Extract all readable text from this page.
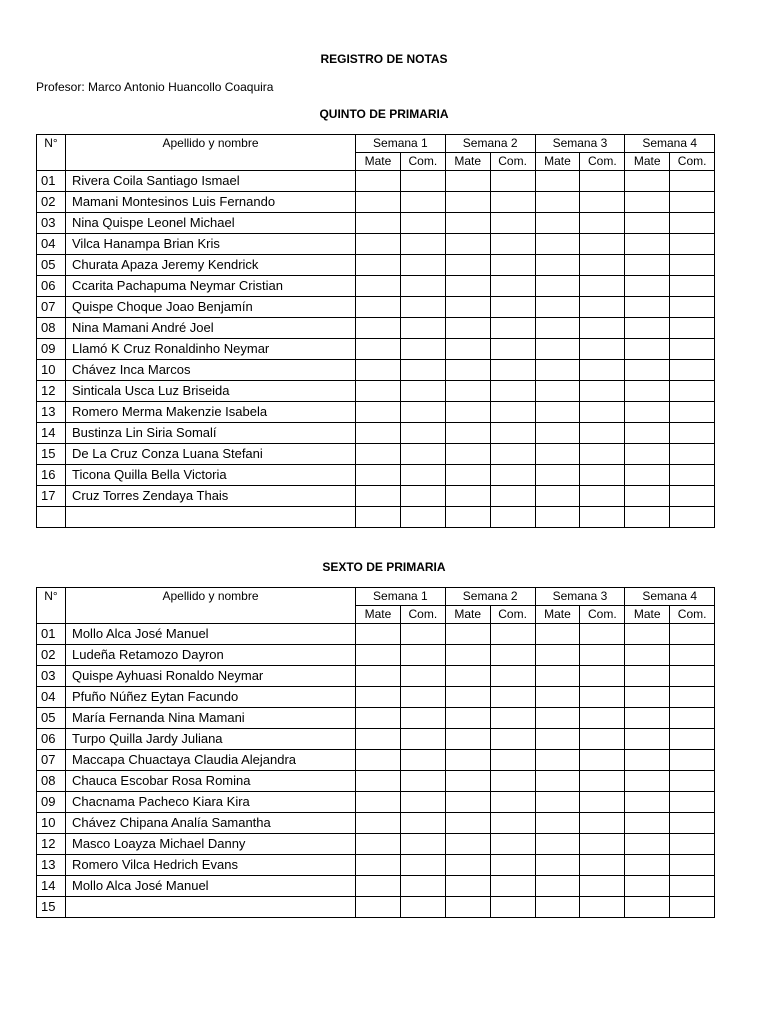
REGISTRO DE NOTAS
Profesor: Marco Antonio Huancollo Coaquira
QUINTO DE PRIMARIA
N°	Apellido y nombre	Semana 1		Semana 2		Semana 3		Semana 4	
		Mate	Com.	Mate	Com.	Mate	Com.	Mate	Com.
01	Rivera Coila Santiago Ismael								
02	Mamani Montesinos Luis Fernando								
03	Nina Quispe Leonel Michael								
04	Vilca Hanampa Brian Kris								
05	Churata Apaza Jeremy Kendrick								
06	Ccarita Pachapuma Neymar Cristian								
07	Quispe Choque Joao Benjamín								
08	Nina Mamani André Joel								
09	Llamó K Cruz Ronaldinho Neymar								
10	Chávez Inca Marcos								
12	Sinticala Usca Luz Briseida								
13	Romero Merma Makenzie Isabela								
14	Bustinza Lin Siria Somalí								
15	De La Cruz Conza Luana Stefani								
16	Ticona Quilla Bella Victoria								
17	Cruz Torres Zendaya Thais								

SEXTO DE PRIMARIA
N°	Apellido y nombre	Semana 1		Semana 2		Semana 3		Semana 4	
		Mate	Com.	Mate	Com.	Mate	Com.	Mate	Com.
01	Mollo Alca José Manuel								
02	Ludeña Retamozo Dayron								
03	Quispe Ayhuasi Ronaldo Neymar								
04	Pfuño Núñez Eytan Facundo								
05	María Fernanda Nina Mamani								
06	Turpo Quilla Jardy Juliana								
07	Maccapa Chuactaya Claudia Alejandra								
08	Chauca Escobar Rosa Romina								
09	Chacnama Pacheco Kiara Kira								
10	Chávez Chipana Analía Samantha								
12	Masco Loayza Michael Danny								
13	Romero Vilca Hedrich Evans								
14	Mollo Alca José Manuel								
15									
